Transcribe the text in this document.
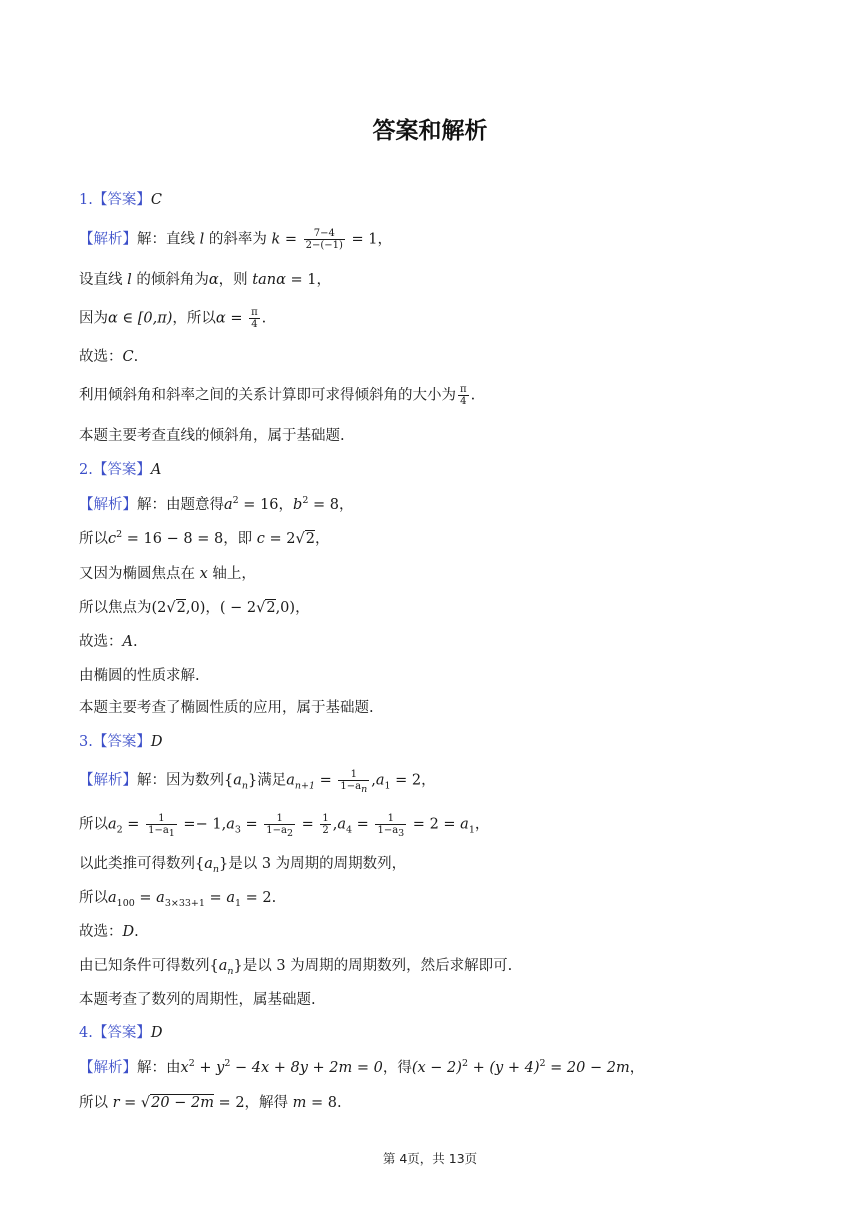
答案和解析
1.【答案】C
【解析】解：直线 l 的斜率为 $k = \frac{7-4}{2-(-1)} = 1$，
设直线 l 的倾斜角为α，则 tanα = 1，
因为α ∈ [0,π)，所以$\alpha = \frac{\pi}{4}$ .
故选：C.
利用倾斜角和斜率之间的关系计算即可求得倾斜角的大小为 $\frac{\pi}{4}$ .
本题主要考查直线的倾斜角，属于基础题.
2.【答案】A
【解析】解：由题意得$a^2 = 16$，$b^2 = 8$，
所以$c^2 = 16 - 8 = 8$，即 c = 2√2，
又因为椭圆焦点在 x 轴上，
所以焦点为(2√2,0)，( − 2√2,0)，
故选：A.
由椭圆的性质求解.
本题主要考查了椭圆性质的应用，属于基础题.
3.【答案】D
【解析】解：因为数列$\{a_n\}$满足$a_{n+1} = \frac{1}{1-a_n} ,a_1 = 2$，
所以$a_2 = \frac{1}{1-a_1} =- 1,a_3 = \frac{1}{1-a_2} = \frac{1}{2} ,a_4 = \frac{1}{1-a_3} = 2 = a_1$，
以此类推可得数列$\{a_n\}$是以 3 为周期的周期数列，
所以$a_{100} = a_{3\times 33+1} = a_1 = 2$.
故选：D.
由已知条件可得数列$\{a_n\}$是以 3 为周期的周期数列，然后求解即可.
本题考查了数列的周期性，属基础题.
4.【答案】D
【解析】解：由$x^2 + y^2 - 4x + 8y + 2m = 0$，得$(x - 2)^2 + (y + 4)^2 = 20 - 2m$，
所以 r = √20 − 2m = 2，解得 m = 8.
第 4页，共 13页
